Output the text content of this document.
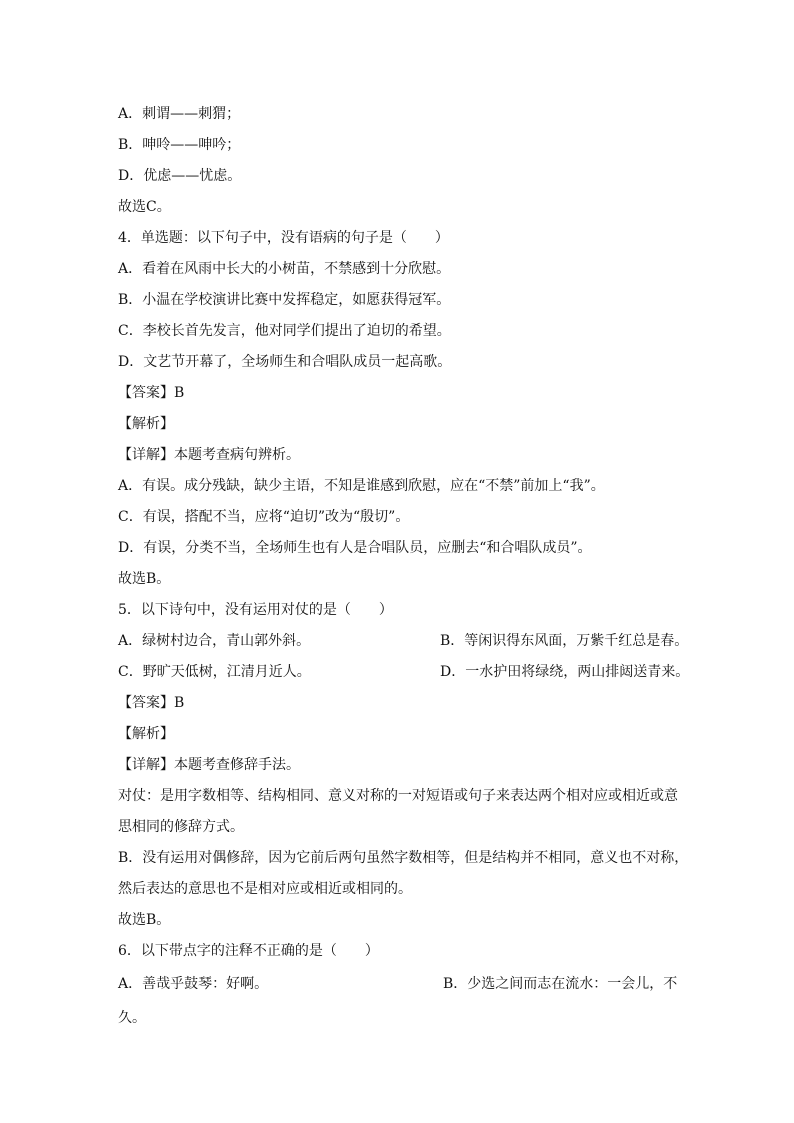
A．刺谓——刺猬；
B．呻呤——呻吟；
D．优虑——忧虑。
故选C。
4．单选题：以下句子中，没有语病的句子是（　　）
A．看着在风雨中长大的小树苗，不禁感到十分欣慰。
B．小温在学校演讲比赛中发挥稳定，如愿获得冠军。
C．李校长首先发言，他对同学们提出了迫切的希望。
D．文艺节开幕了，全场师生和合唱队成员一起高歌。
【答案】B
【解析】
【详解】本题考查病句辨析。
A．有误。成分残缺，缺少主语，不知是谁感到欣慰，应在“不禁”前加上“我”。
C．有误，搭配不当，应将“迫切”改为“殷切”。
D．有误，分类不当，全场师生也有人是合唱队员，应删去“和合唱队成员”。
故选B。
5．以下诗句中，没有运用对仗的是（　　）
A．绿树村边合，青山郭外斜。	B．等闲识得东风面，万紫千红总是春。
C．野旷天低树，江清月近人。	D．一水护田将绿绕，两山排闼送青来。
【答案】B
【解析】
【详解】本题考查修辞手法。
对仗：是用字数相等、结构相同、意义对称的一对短语或句子来表达两个相对应或相近或意
思相同的修辞方式。
B．没有运用对偶修辞，因为它前后两句虽然字数相等，但是结构并不相同，意义也不对称，
然后表达的意思也不是相对应或相近或相同的。
故选B。
6．以下带点字的注释不正确的是（　　）
A．善哉乎鼓琴：好啊。	B．少选之间而志在流水：一会儿，不
久。
